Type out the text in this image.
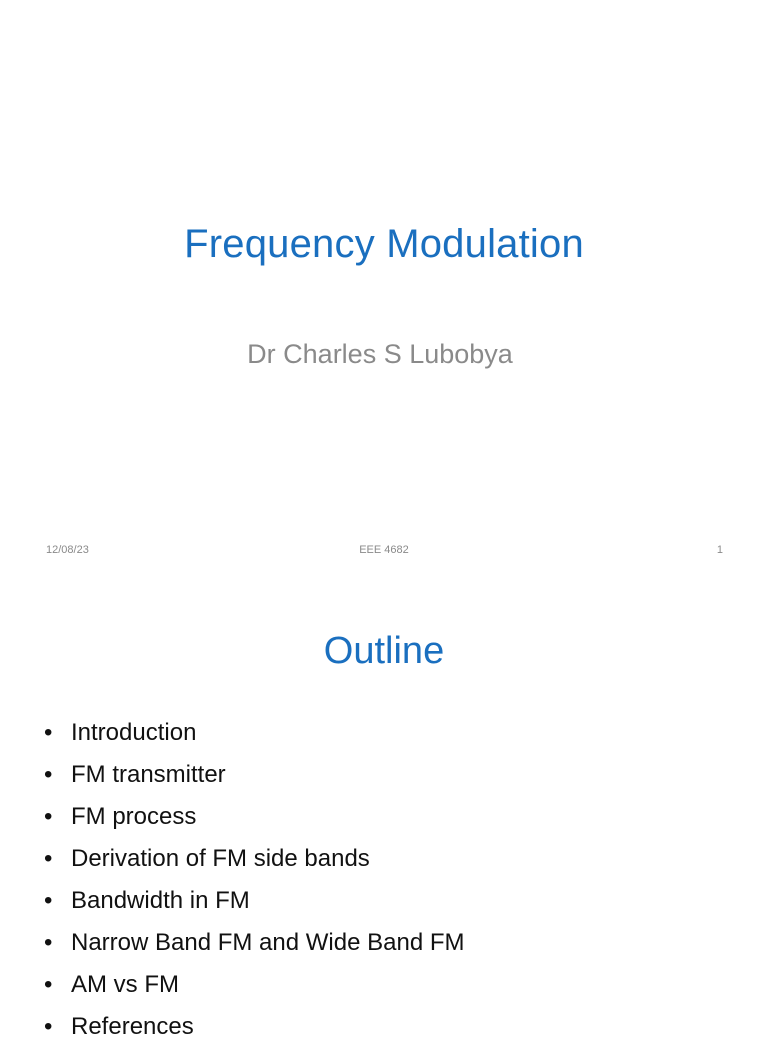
Frequency Modulation

Dr Charles S Lubobya

12/08/23	EEE 4682	1
Outline
• Introduction
• FM transmitter
• FM process
• Derivation of FM side bands
• Bandwidth in FM
• Narrow Band FM and Wide Band FM
• AM vs FM
• References
